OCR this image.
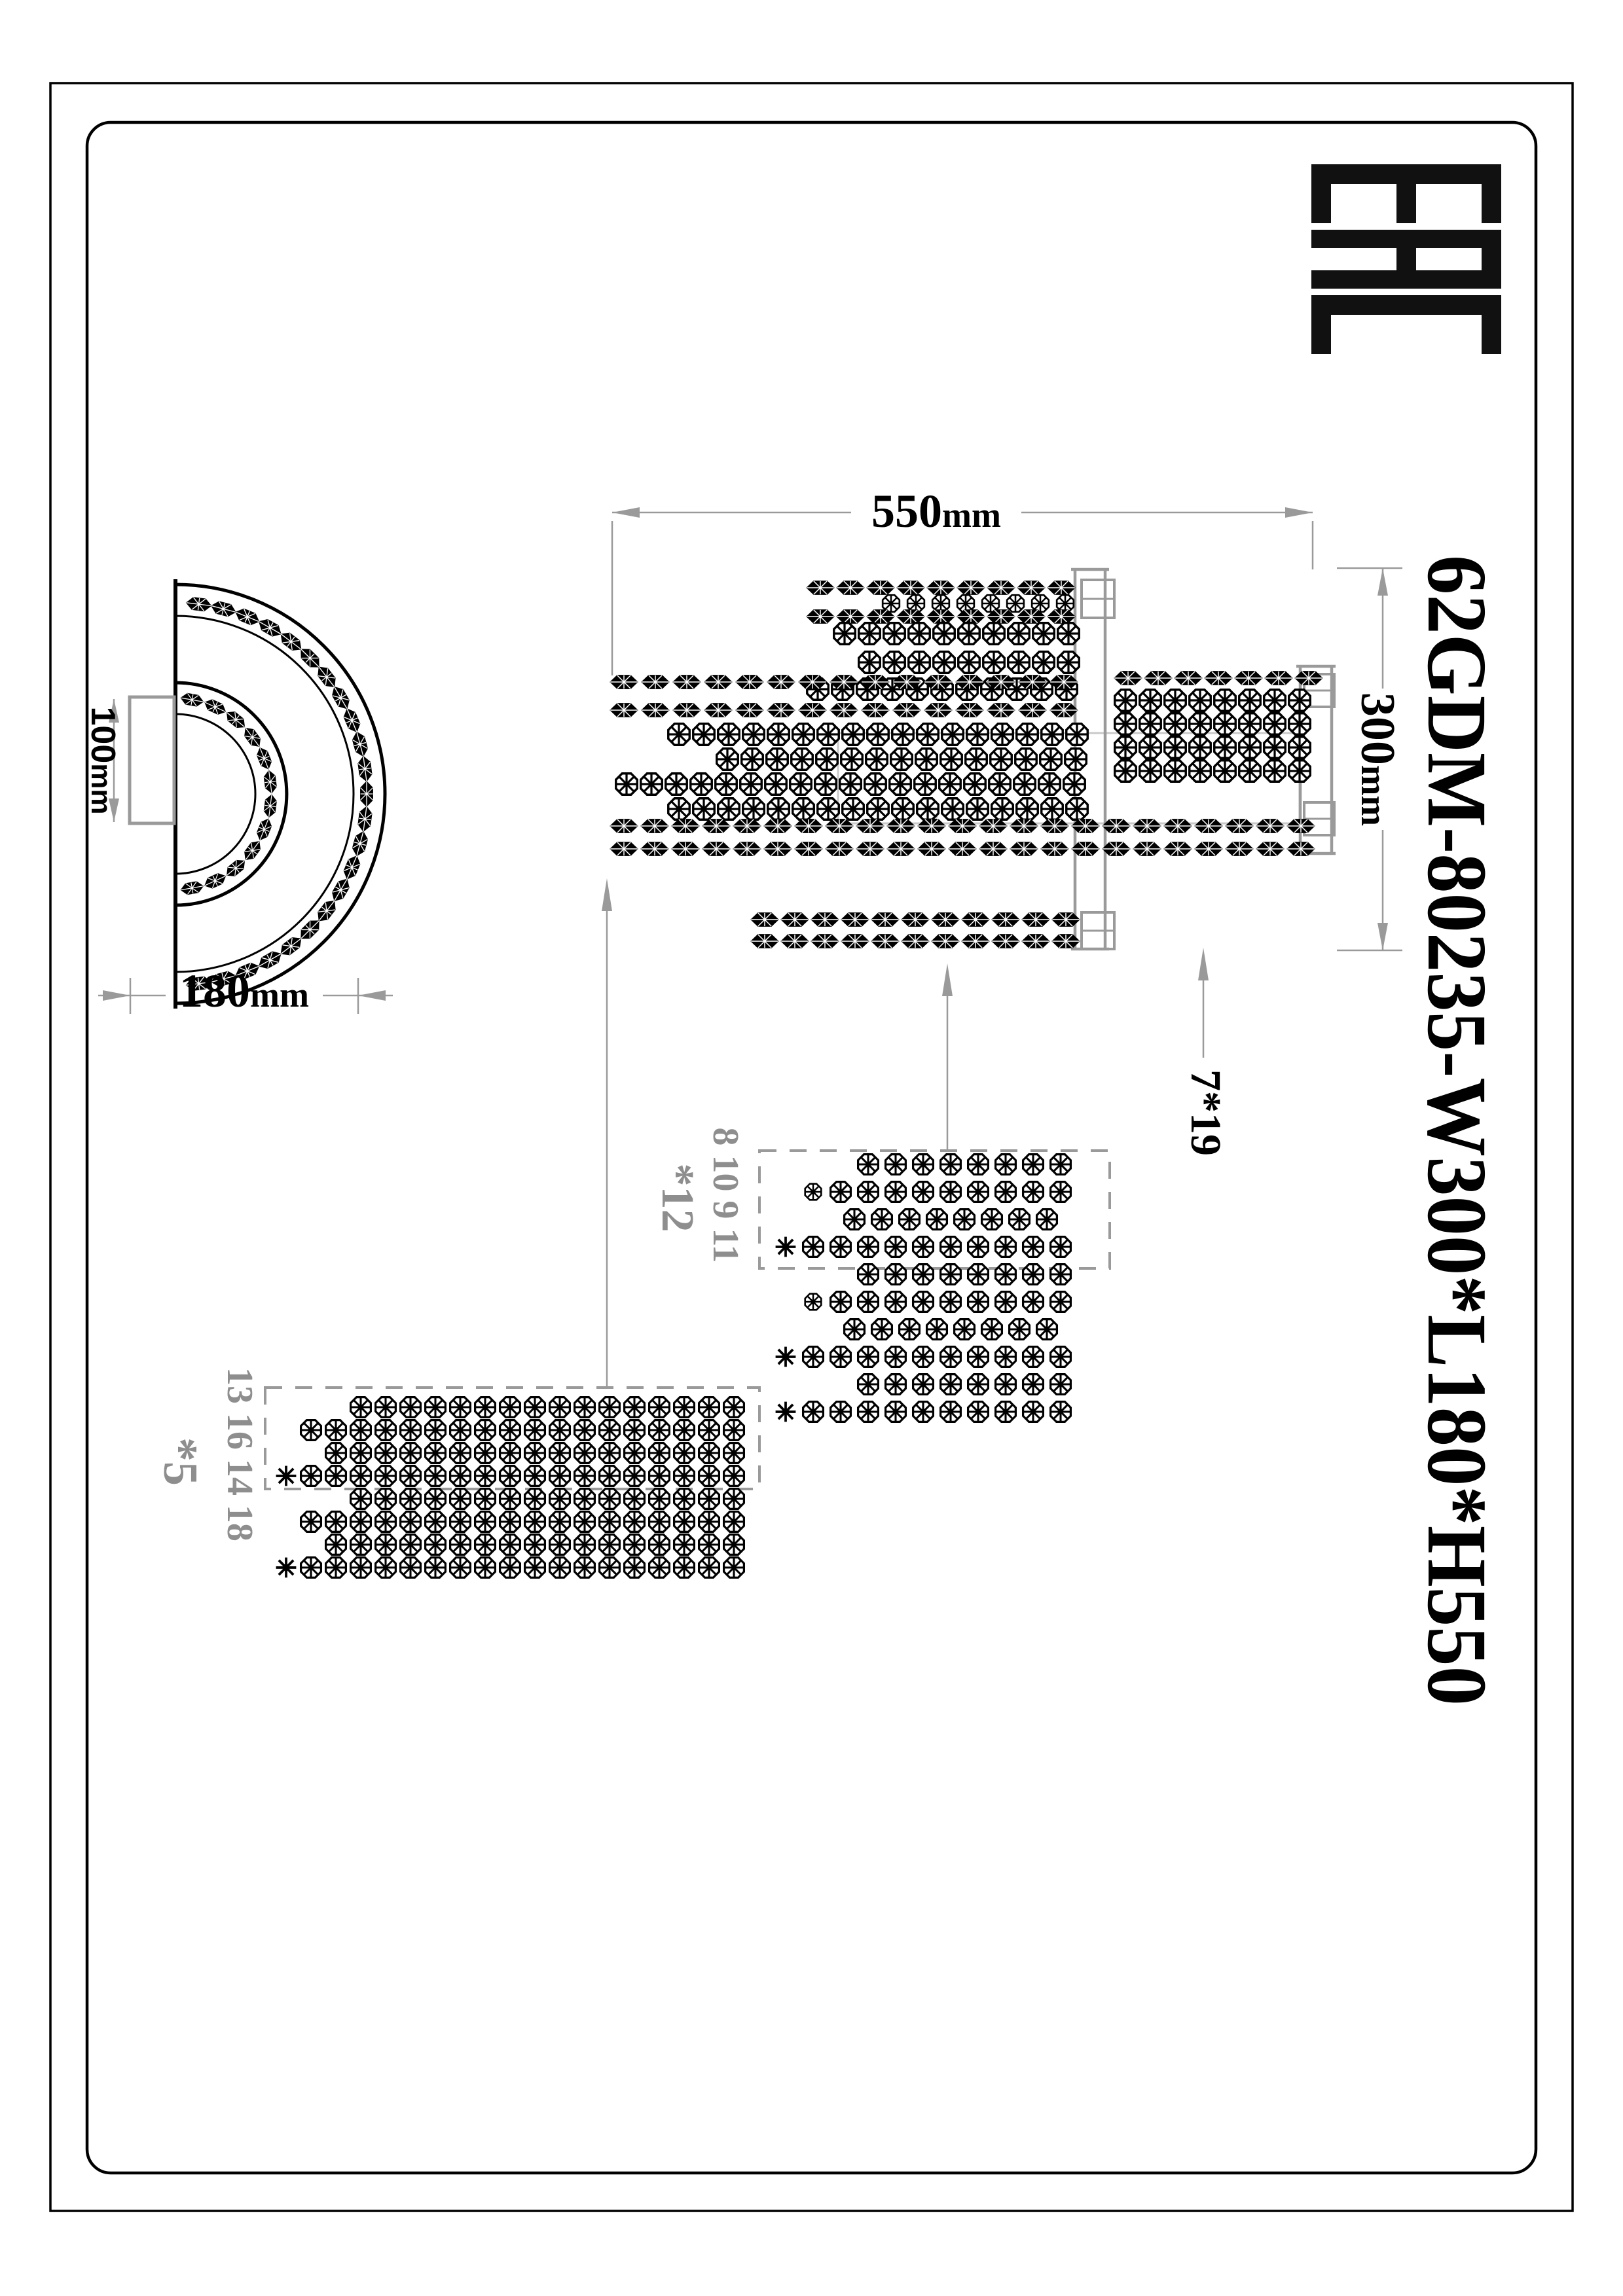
62GDM-80235-W300*L180*H550
550mm
180mm
100mm
300mm
7*19
*12 8 10 9 11
*5 13 16 14 18
